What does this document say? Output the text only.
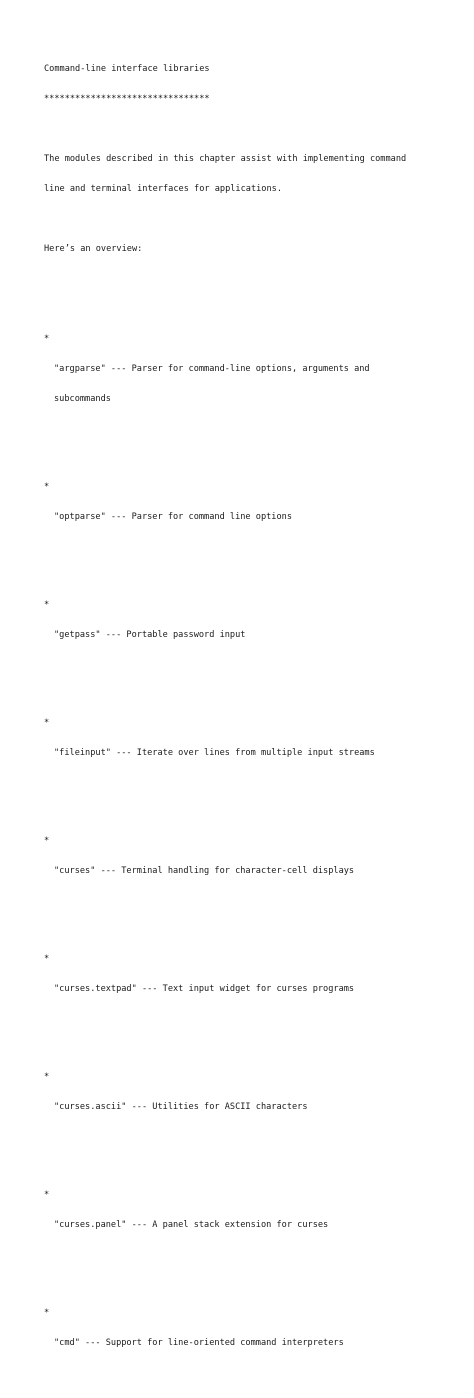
Command-line interface libraries

********************************

The modules described in this chapter assist with implementing command

line and terminal interfaces for applications.

Here’s an overview:

*

"argparse" --- Parser for command-line options, arguments and

subcommands

*

"optparse" --- Parser for command line options

*

"getpass" --- Portable password input

*

"fileinput" --- Iterate over lines from multiple input streams

*

"curses" --- Terminal handling for character-cell displays

*

"curses.textpad" --- Text input widget for curses programs

*

"curses.ascii" --- Utilities for ASCII characters

*

"curses.panel" --- A panel stack extension for curses

*

"cmd" --- Support for line-oriented command interpreters
